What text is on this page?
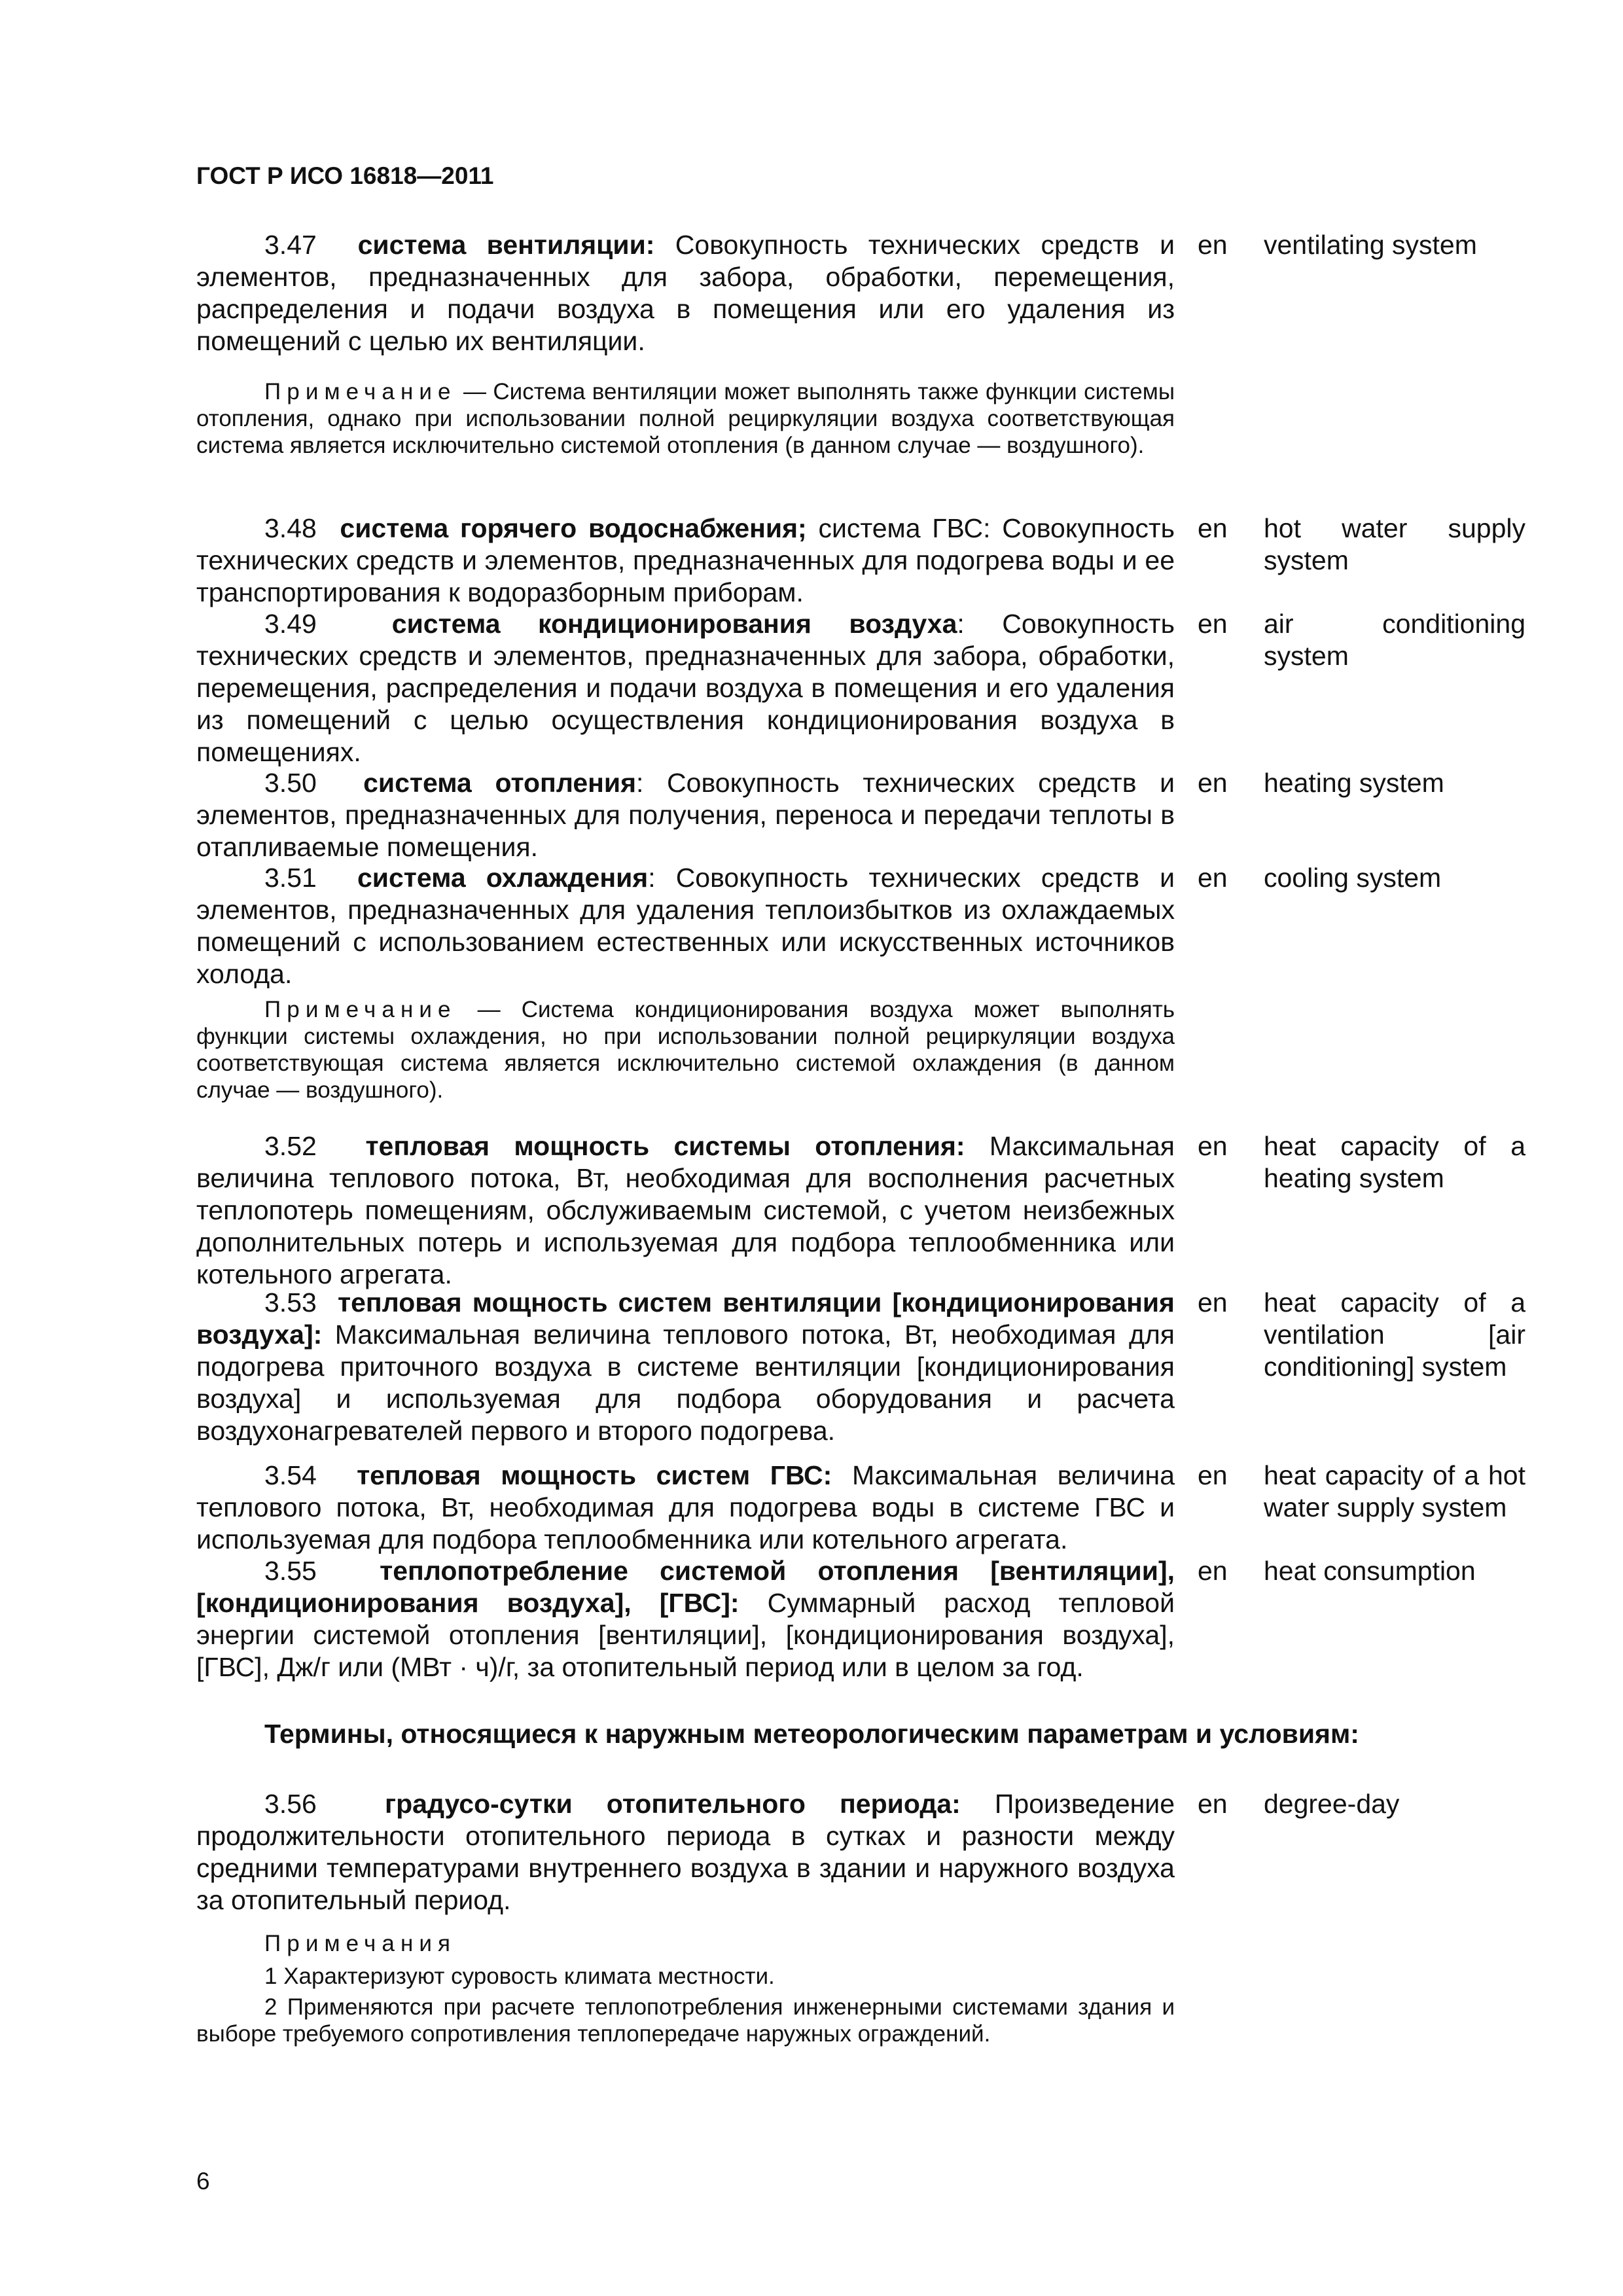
ГОСТ Р ИСО 16818—2011
3.47 система вентиляции: Совокупность технических средств и элементов, предназначенных для забора, обработки, перемещения, распределения и подачи воздуха в помещения или его удаления из помещений с целью их вентиляции.
en	ventilating system
Примечание — Система вентиляции может выполнять также функции системы отопления, однако при использовании полной рециркуляции воздуха соответствующая система является исключительно системой отопления (в данном случае — воздушного).
3.48 система горячего водоснабжения; система ГВС: Совокупность технических средств и элементов, предназначенных для подогрева воды и ее транспортирования к водоразборным приборам.
en	hot water supply system
3.49	система кондиционирования воздуха: Совокупность технических средств и элементов, предназначенных для забора, обработки, перемещения, распределения и подачи воздуха в помещения и его удаления из помещений с целью осуществления кондиционирования воздуха в помещениях.
en	air conditioning system
3.50 система отопления: Совокупность технических средств и элементов, предназначенных для получения, переноса и передачи теплоты в отапливаемые помещения.
en	heating system
3.51 система охлаждения: Совокупность технических средств и элементов, предназначенных для удаления теплоизбытков из охлаждаемых помещений с использованием естественных или искусственных источников холода.
en	cooling system
Примечание — Система кондиционирования воздуха может выполнять функции системы охлаждения, но при использовании полной рециркуляции воздуха соответствующая система является исключительно системой охлаждения (в данном случае — воздушного).
3.52 тепловая мощность системы отопления: Максимальная величина теплового потока, Вт, необходимая для восполнения расчетных теплопотерь помещениям, обслуживаемым системой, с учетом неизбежных дополнительных потерь и используемая для подбора теплообменника или котельного агрегата.
en	heat capacity of a heating system
3.53 тепловая мощность систем вентиляции [кондиционирования воздуха]: Максимальная величина теплового потока, Вт, необходимая для подогрева приточного воздуха в системе вентиляции [кондиционирования воздуха] и используемая для подбора оборудования и расчета воздухонагревателей первого и второго подогрева.
en	heat capacity of a ventilation [air conditioning] system
3.54 тепловая мощность систем ГВС: Максимальная величина теплового потока, Вт, необходимая для подогрева воды в системе ГВС и используемая для подбора теплообменника или котельного агрегата.
en	heat capacity of a hot water supply system
3.55 теплопотребление системой отопления [вентиляции], [кондиционирования воздуха], [ГВС]: Суммарный расход тепловой энергии системой отопления [вентиляции], [кондиционирования воздуха], [ГВС], Дж/г или (МВт · ч)/г, за отопительный период или в целом за год.
en	heat consumption
Термины, относящиеся к наружным метеорологическим параметрам и условиям:
3.56	градусо-сутки отопительного периода: Произведение продолжительности отопительного периода в сутках и разности между средними температурами внутреннего воздуха в здании и наружного воздуха за отопительный период.
en	degree-day
Примечания
1 Характеризуют суровость климата местности.
2 Применяются при расчете теплопотребления инженерными системами здания и выборе требуемого сопротивления теплопередаче наружных ограждений.
6
